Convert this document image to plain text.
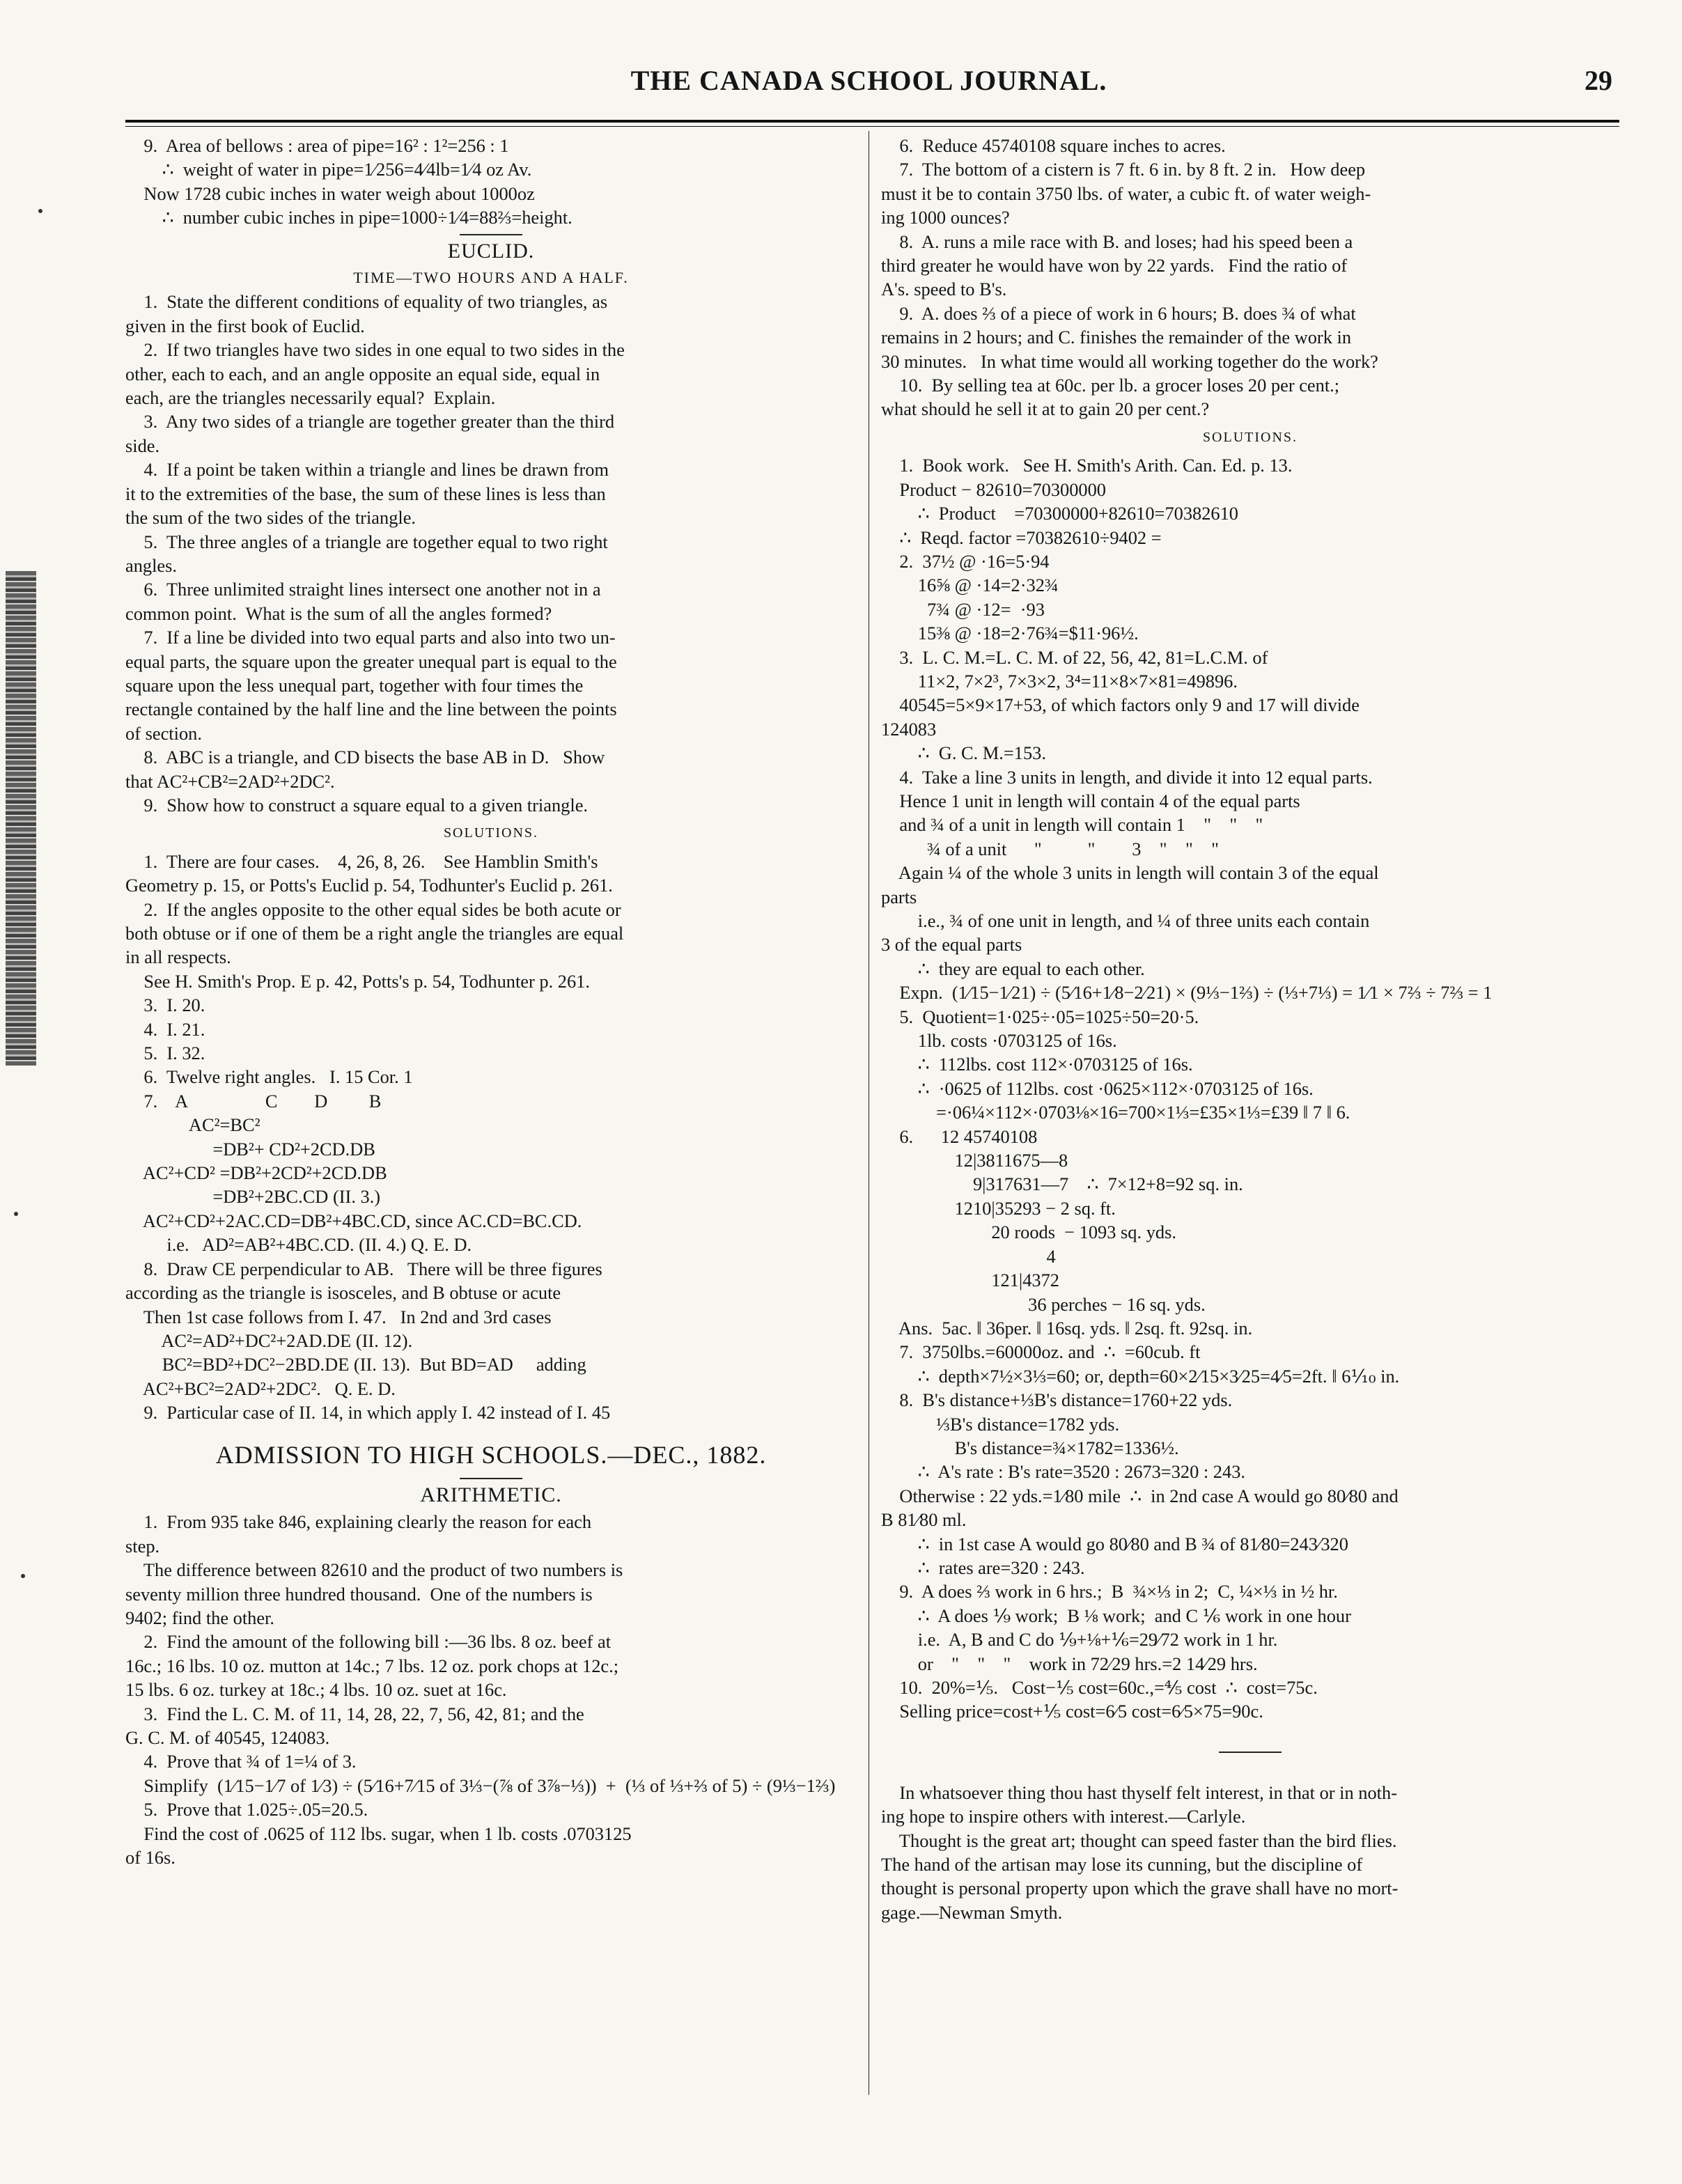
THE CANADA SCHOOL JOURNAL.	29
9.  Area of bellows : area of pipe=16² : 1²=256 : 1
∴  weight of water in pipe=1⁄256=4⁄4lb=1⁄4 oz Av.
Now 1728 cubic inches in water weigh about 1000oz
∴  number cubic inches in pipe=1000÷1⁄4=88⅔=height.
EUCLID.
TIME—TWO HOURS AND A HALF.
1.  State the different conditions of equality of two triangles, as
given in the first book of Euclid.
2.  If two triangles have two sides in one equal to two sides in the
other, each to each, and an angle opposite an equal side, equal in
each, are the triangles necessarily equal?  Explain.
3.  Any two sides of a triangle are together greater than the third
side.
4.  If a point be taken within a triangle and lines be drawn from
it to the extremities of the base, the sum of these lines is less than
the sum of the two sides of the triangle.
5.  The three angles of a triangle are together equal to two right
angles.
6.  Three unlimited straight lines intersect one another not in a
common point.  What is the sum of all the angles formed?
7.  If a line be divided into two equal parts and also into two un-
equal parts, the square upon the greater unequal part is equal to the
square upon the less unequal part, together with four times the
rectangle contained by the half line and the line between the points
of section.
8.  ABC is a triangle, and CD bisects the base AB in D.   Show
that AC²+CB²=2AD²+2DC².
9.  Show how to construct a square equal to a given triangle.
SOLUTIONS.
1.  There are four cases.    4, 26, 8, 26.    See Hamblin Smith's
Geometry p. 15, or Potts's Euclid p. 54, Todhunter's Euclid p. 261.
2.  If the angles opposite to the other equal sides be both acute or
both obtuse or if one of them be a right angle the triangles are equal
in all respects.
See H. Smith's Prop. E p. 42, Potts's p. 54, Todhunter p. 261.
3.  I. 20.
4.  I. 21.
5.  I. 32.
6.  Twelve right angles.   I. 15 Cor. 1
7.    A                 C        D         B
AC²=BC²
=DB²+ CD²+2CD.DB
AC²+CD² =DB²+2CD²+2CD.DB
=DB²+2BC.CD (II. 3.)
AC²+CD²+2AC.CD=DB²+4BC.CD, since AC.CD=BC.CD.
i.e.   AD²=AB²+4BC.CD. (II. 4.) Q. E. D.
8.  Draw CE perpendicular to AB.   There will be three figures
according as the triangle is isosceles, and B obtuse or acute
Then 1st case follows from I. 47.   In 2nd and 3rd cases
AC²=AD²+DC²+2AD.DE (II. 12).
BC²=BD²+DC²−2BD.DE (II. 13).  But BD=AD     adding
AC²+BC²=2AD²+2DC².   Q. E. D.
9.  Particular case of II. 14, in which apply I. 42 instead of I. 45
ADMISSION TO HIGH SCHOOLS.—DEC., 1882.
ARITHMETIC.
1.  From 935 take 846, explaining clearly the reason for each
step.
The difference between 82610 and the product of two numbers is
seventy million three hundred thousand.  One of the numbers is
9402; find the other.
2.  Find the amount of the following bill :—36 lbs. 8 oz. beef at
16c.; 16 lbs. 10 oz. mutton at 14c.; 7 lbs. 12 oz. pork chops at 12c.;
15 lbs. 6 oz. turkey at 18c.; 4 lbs. 10 oz. suet at 16c.
3.  Find the L. C. M. of 11, 14, 28, 22, 7, 56, 42, 81; and the
G. C. M. of 40545, 124083.
4.  Prove that ¾ of 1=¼ of 3.
Simplify  (1⁄15−1⁄7 of 1⁄3) ÷ (5⁄16+7⁄15 of 3⅓−(⅞ of 3⅞−⅓))  +  (⅓ of ⅓+⅔ of 5) ÷ (9⅓−1⅔)
5.  Prove that 1.025÷.05=20.5.
Find the cost of .0625 of 112 lbs. sugar, when 1 lb. costs .0703125
of 16s.
6.  Reduce 45740108 square inches to acres.
7.  The bottom of a cistern is 7 ft. 6 in. by 8 ft. 2 in.   How deep
must it be to contain 3750 lbs. of water, a cubic ft. of water weigh-
ing 1000 ounces?
8.  A. runs a mile race with B. and loses; had his speed been a
third greater he would have won by 22 yards.   Find the ratio of
A's. speed to B's.
9.  A. does ⅔ of a piece of work in 6 hours; B. does ¾ of what
remains in 2 hours; and C. finishes the remainder of the work in
30 minutes.   In what time would all working together do the work?
10.  By selling tea at 60c. per lb. a grocer loses 20 per cent.;
what should he sell it at to gain 20 per cent.?
SOLUTIONS.
1.  Book work.   See H. Smith's Arith. Can. Ed. p. 13.
Product − 82610=70300000
∴  Product    =70300000+82610=70382610
∴  Reqd. factor =70382610÷9402 =
2.  37½ @ ·16=5·94
16⅝ @ ·14=2·32¾
7¾ @ ·12=  ·93
15⅜ @ ·18=2·76¾=$11·96½.
3.  L. C. M.=L. C. M. of 22, 56, 42, 81=L.C.M. of
11×2, 7×2³, 7×3×2, 3⁴=11×8×7×81=49896.
40545=5×9×17+53, of which factors only 9 and 17 will divide
124083
∴  G. C. M.=153.
4.  Take a line 3 units in length, and divide it into 12 equal parts.
Hence 1 unit in length will contain 4 of the equal parts
and ¾ of a unit in length will contain 1    "    "    "
¾ of a unit      "          "        3    "    "    "
Again ¼ of the whole 3 units in length will contain 3 of the equal
parts
i.e., ¾ of one unit in length, and ¼ of three units each contain
3 of the equal parts
∴  they are equal to each other.
Expn.  (1⁄15−1⁄21) ÷ (5⁄16+1⁄8−2⁄21) × (9⅓−1⅔) ÷ (⅓+7⅓) = 1⁄1 × 7⅔ ÷ 7⅔ = 1
5.  Quotient=1·025÷·05=1025÷50=20·5.
1lb. costs ·0703125 of 16s.
∴  112lbs. cost 112×·0703125 of 16s.
∴  ·0625 of 112lbs. cost ·0625×112×·0703125 of 16s.
=·06¼×112×·0703⅛×16=700×1⅓=£35×1⅓=£39 ‖ 7 ‖ 6.
6.      12 45740108
12|3811675—8
9|317631—7    ∴  7×12+8=92 sq. in.
1210|35293 − 2 sq. ft.
20 roods  − 1093 sq. yds.
4
121|4372
36 perches − 16 sq. yds.
Ans.  5ac. ‖ 36per. ‖ 16sq. yds. ‖ 2sq. ft. 92sq. in.
7.  3750lbs.=60000oz. and  ∴  =60cub. ft
∴  depth×7½×3⅓=60; or, depth=60×2⁄15×3⁄25=4⁄5=2ft. ‖ 6⅒ in.
8.  B's distance+⅓B's distance=1760+22 yds.
⅓B's distance=1782 yds.
B's distance=¾×1782=1336½.
∴  A's rate : B's rate=3520 : 2673=320 : 243.
Otherwise : 22 yds.=1⁄80 mile  ∴  in 2nd case A would go 80⁄80 and
B 81⁄80 ml.
∴  in 1st case A would go 80⁄80 and B ¾ of 81⁄80=243⁄320
∴  rates are=320 : 243.
9.  A does ⅔ work in 6 hrs.;  B  ¾×⅓ in 2;  C, ¼×⅓ in ½ hr.
∴  A does ⅑ work;  B ⅛ work;  and C ⅙ work in one hour
i.e.  A, B and C do ⅑+⅛+⅙=29⁄72 work in 1 hr.
or    "    "    "    work in 72⁄29 hrs.=2 14⁄29 hrs.
10.  20%=⅕.   Cost−⅕ cost=60c.,=⅘ cost  ∴  cost=75c.
Selling price=cost+⅕ cost=6⁄5 cost=6⁄5×75=90c.
In whatsoever thing thou hast thyself felt interest, in that or in noth-
ing hope to inspire others with interest.—Carlyle.
Thought is the great art; thought can speed faster than the bird flies.
The hand of the artisan may lose its cunning, but the discipline of
thought is personal property upon which the grave shall have no mort-
gage.—Newman Smyth.
